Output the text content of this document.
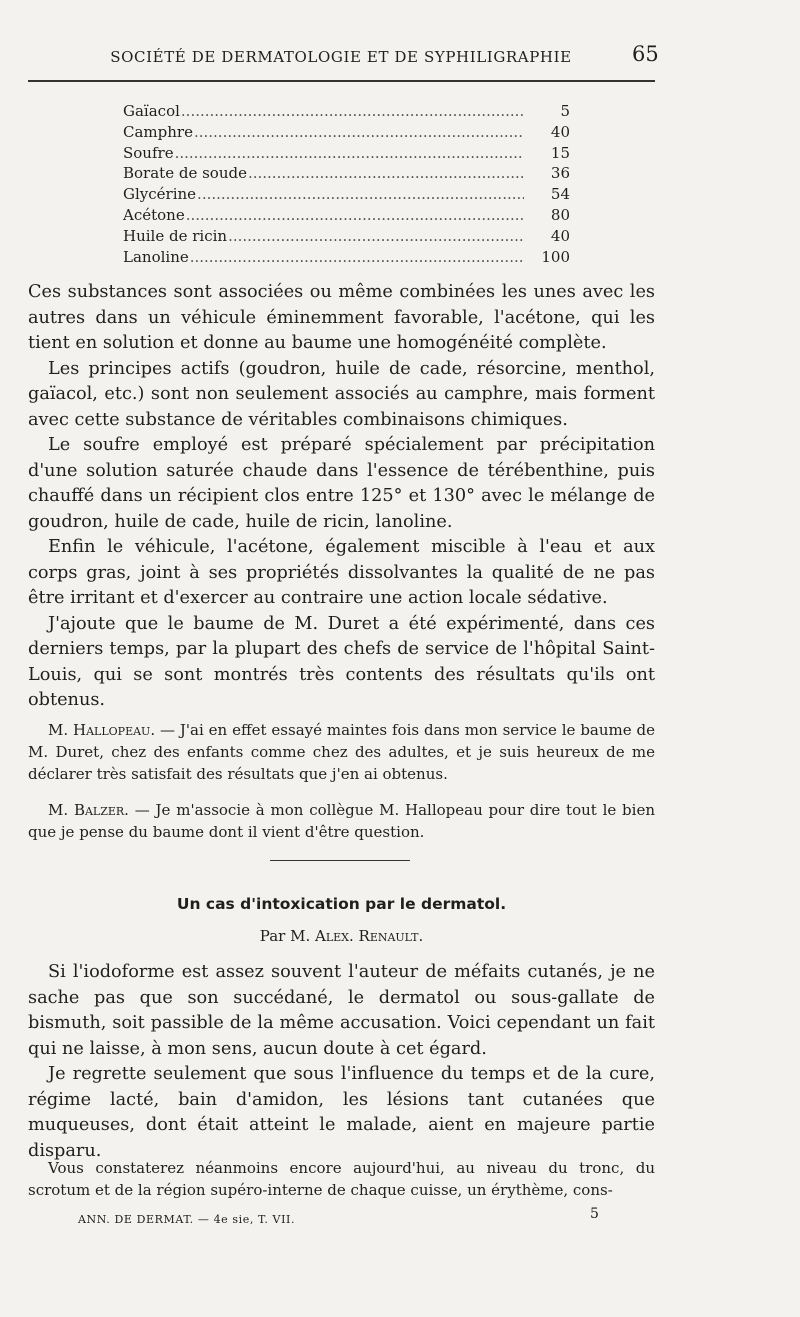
SOCIÉTÉ DE DERMATOLOGIE ET DE SYPHILIGRAPHIE	65
Gaïacol .....	5
Camphre .....	40
Soufre .....	15
Borate de soude .....	36
Glycérine .....	54
Acétone .....	80
Huile de ricin .....	40
Lanoline .....	100

Ces substances sont associées ou même combinées les unes avec les autres dans un véhicule éminemment favorable, l'acétone, qui les tient en solution et donne au baume une homogénéité complète.

Les principes actifs (goudron, huile de cade, résorcine, menthol, gaïacol, etc.) sont non seulement associés au camphre, mais forment avec cette substance de véritables combinaisons chimiques.

Le soufre employé est préparé spécialement par précipitation d'une solution saturée chaude dans l'essence de térébenthine, puis chauffé dans un récipient clos entre 125° et 130° avec le mélange de goudron, huile de cade, huile de ricin, lanoline.

Enfin le véhicule, l'acétone, également miscible à l'eau et aux corps gras, joint à ses propriétés dissolvantes la qualité de ne pas être irritant et d'exercer au contraire une action locale sédative.

J'ajoute que le baume de M. Duret a été expérimenté, dans ces derniers temps, par la plupart des chefs de service de l'hôpital Saint-Louis, qui se sont montrés très contents des résultats qu'ils ont obtenus.

M. Hallopeau. — J'ai en effet essayé maintes fois dans mon service le baume de M. Duret, chez des enfants comme chez des adultes, et je suis heureux de me déclarer très satisfait des résultats que j'en ai obtenus.

M. Balzer. — Je m'associe à mon collègue M. Hallopeau pour dire tout le bien que je pense du baume dont il vient d'être question.

Un cas d'intoxication par le dermatol.
Par M. Alex. Renault.

Si l'iodoforme est assez souvent l'auteur de méfaits cutanés, je ne sache pas que son succédané, le dermatol ou sous-gallate de bismuth, soit passible de la même accusation. Voici cependant un fait qui ne laisse, à mon sens, aucun doute à cet égard.

Je regrette seulement que sous l'influence du temps et de la cure, régime lacté, bain d'amidon, les lésions tant cutanées que muqueuses, dont était atteint le malade, aient en majeure partie disparu.

Vous constaterez néanmoins encore aujourd'hui, au niveau du tronc, du scrotum et de la région supéro-interne de chaque cuisse, un érythème, cons-

ANN. DE DERMAT. — 4e sie, T. VII.	5
